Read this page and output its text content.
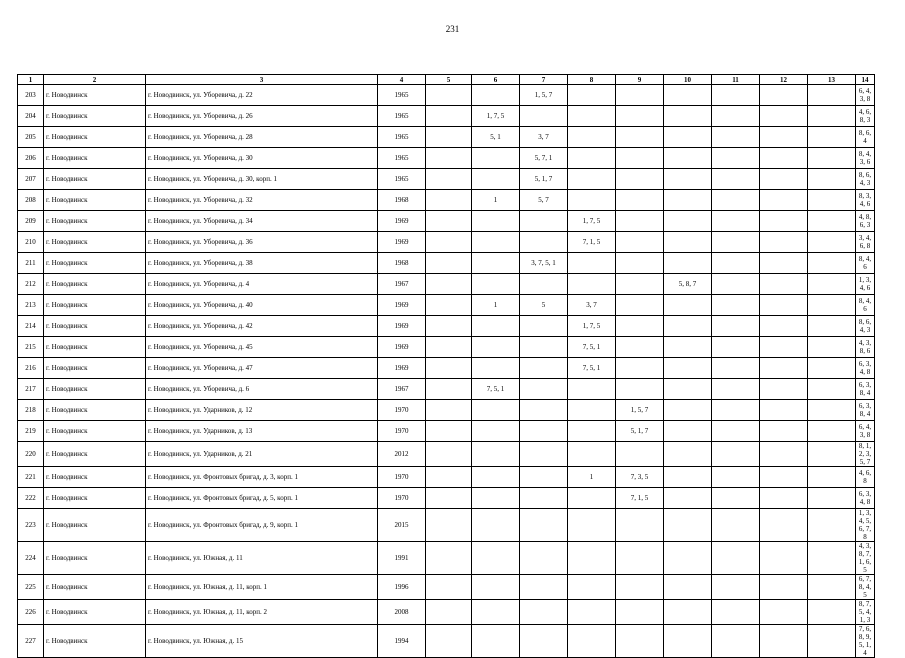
231
1	2	3	4	5	6	7	8	9	10	11	12	13	14
203	г. Новодвинск	г. Новодвинск, ул. Уборевича, д. 22	1965			1, 5, 7							6, 4, 3, 8
204	г. Новодвинск	г. Новодвинск, ул. Уборевича, д. 26	1965		1, 7, 5								4, 6, 8, 3
205	г. Новодвинск	г. Новодвинск, ул. Уборевича, д. 28	1965		5, 1	3, 7							8, 6, 4
206	г. Новодвинск	г. Новодвинск, ул. Уборевича, д. 30	1965			5, 7, 1							8, 4, 3, 6
207	г. Новодвинск	г. Новодвинск, ул. Уборевича, д. 30, корп. 1	1965			5, 1, 7							8, 6, 4, 3
208	г. Новодвинск	г. Новодвинск, ул. Уборевича, д. 32	1968		1	5, 7							8, 3, 4, 6
209	г. Новодвинск	г. Новодвинск, ул. Уборевича, д. 34	1969				1, 7, 5						4, 8, 6, 3
210	г. Новодвинск	г. Новодвинск, ул. Уборевича, д. 36	1969				7, 1, 5						3, 4, 6, 8
211	г. Новодвинск	г. Новодвинск, ул. Уборевича, д. 38	1968			3, 7, 5, 1							8, 4, 6
212	г. Новодвинск	г. Новодвинск, ул. Уборевича, д. 4	1967						5, 8, 7				1, 3, 4, 6
213	г. Новодвинск	г. Новодвинск, ул. Уборевича, д. 40	1969		1	5	3, 7						8, 4, 6
214	г. Новодвинск	г. Новодвинск, ул. Уборевича, д. 42	1969				1, 7, 5						8, 6, 4, 3
215	г. Новодвинск	г. Новодвинск, ул. Уборевича, д. 45	1969				7, 5, 1						4, 3, 8, 6
216	г. Новодвинск	г. Новодвинск, ул. Уборевича, д. 47	1969				7, 5, 1						6, 3, 4, 8
217	г. Новодвинск	г. Новодвинск, ул. Уборевича, д. 6	1967		7, 5, 1								6, 3, 8, 4
218	г. Новодвинск	г. Новодвинск, ул. Ударников, д. 12	1970					1, 5, 7					6, 3, 8, 4
219	г. Новодвинск	г. Новодвинск, ул. Ударников, д. 13	1970					5, 1, 7					6, 4, 3, 8
220	г. Новодвинск	г. Новодвинск, ул. Ударников, д. 21	2012										8, 1, 2, 3, 5, 7
221	г. Новодвинск	г. Новодвинск, ул. Фронтовых бригад, д. 3, корп. 1	1970				1	7, 3, 5					4, 6, 8
222	г. Новодвинск	г. Новодвинск, ул. Фронтовых бригад, д. 5, корп. 1	1970					7, 1, 5					6, 3, 4, 8
223	г. Новодвинск	г. Новодвинск, ул. Фронтовых бригад, д. 9, корп. 1	2015										1, 3, 4, 5, 6, 7, 8
224	г. Новодвинск	г. Новодвинск, ул. Южная, д. 11	1991										4, 3, 8, 7, 1, 6, 5
225	г. Новодвинск	г. Новодвинск, ул. Южная, д. 11, корп. 1	1996										6, 7, 8, 4, 5
226	г. Новодвинск	г. Новодвинск, ул. Южная, д. 11, корп. 2	2008										8, 7, 5, 4, 1, 3
227	г. Новодвинск	г. Новодвинск, ул. Южная, д. 15	1994										7, 6, 8, 9, 5, 1, 4
